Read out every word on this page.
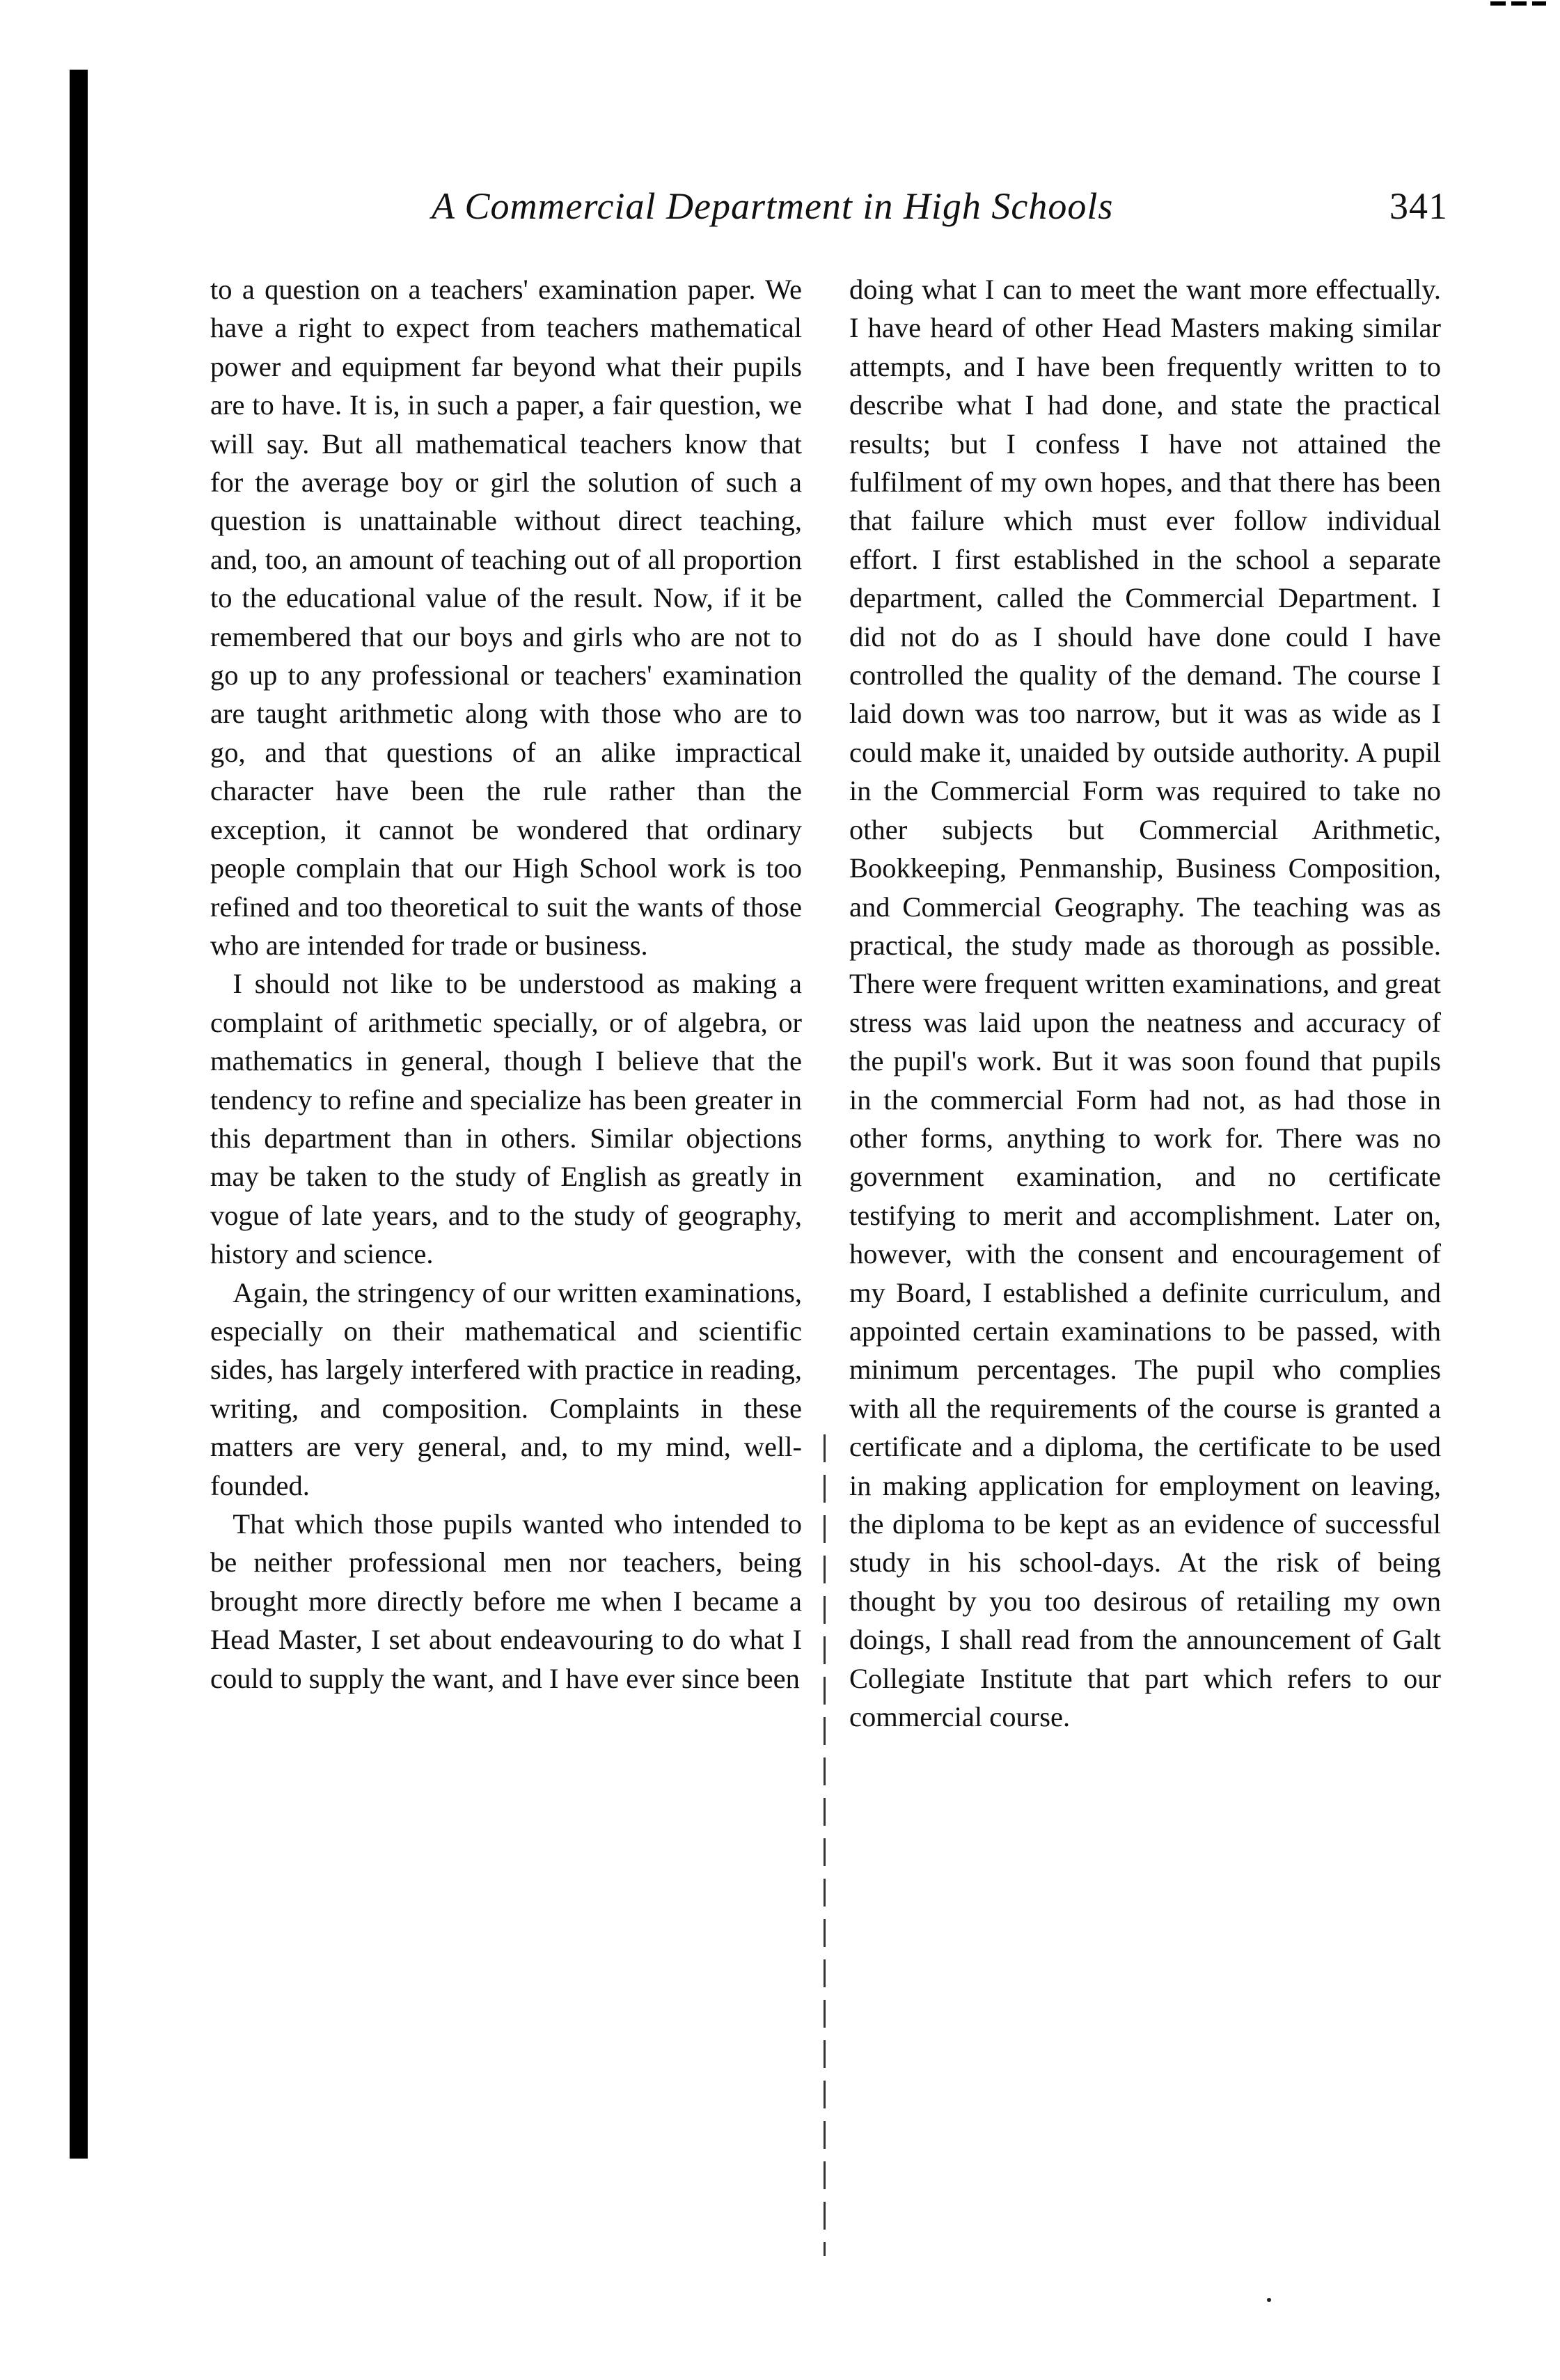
A Commercial Department in High Schools	341

to a question on a teachers' examination paper. We have a right to expect from teachers mathematical power and equipment far beyond what their pupils are to have. It is, in such a paper, a fair question, we will say. But all mathematical teachers know that for the average boy or girl the solution of such a question is unattainable without direct teaching, and, too, an amount of teaching out of all proportion to the educational value of the result. Now, if it be remembered that our boys and girls who are not to go up to any professional or teachers' examination are taught arithmetic along with those who are to go, and that questions of an alike impractical character have been the rule rather than the exception, it cannot be wondered that ordinary people complain that our High School work is too refined and too theoretical to suit the wants of those who are intended for trade or business.

I should not like to be understood as making a complaint of arithmetic specially, or of algebra, or mathematics in general, though I believe that the tendency to refine and specialize has been greater in this department than in others. Similar objections may be taken to the study of English as greatly in vogue of late years, and to the study of geography, history and science.

Again, the stringency of our written examinations, especially on their mathematical and scientific sides, has largely interfered with practice in reading, writing, and composition. Complaints in these matters are very general, and, to my mind, well-founded.

That which those pupils wanted who intended to be neither professional men nor teachers, being brought more directly before me when I became a Head Master, I set about endeavouring to do what I could to supply the want, and I have ever since been

doing what I can to meet the want more effectually. I have heard of other Head Masters making similar attempts, and I have been frequently written to to describe what I had done, and state the practical results; but I confess I have not attained the fulfilment of my own hopes, and that there has been that failure which must ever follow individual effort. I first established in the school a separate department, called the Commercial Department. I did not do as I should have done could I have controlled the quality of the demand. The course I laid down was too narrow, but it was as wide as I could make it, unaided by outside authority. A pupil in the Commercial Form was required to take no other subjects but Commercial Arithmetic, Bookkeeping, Penmanship, Business Composition, and Commercial Geography. The teaching was as practical, the study made as thorough as possible. There were frequent written examinations, and great stress was laid upon the neatness and accuracy of the pupil's work. But it was soon found that pupils in the commercial Form had not, as had those in other forms, anything to work for. There was no government examination, and no certificate testifying to merit and accomplishment. Later on, however, with the consent and encouragement of my Board, I established a definite curriculum, and appointed certain examinations to be passed, with minimum percentages. The pupil who complies with all the requirements of the course is granted a certificate and a diploma, the certificate to be used in making application for employment on leaving, the diploma to be kept as an evidence of successful study in his school-days. At the risk of being thought by you too desirous of retailing my own doings, I shall read from the announcement of Galt Collegiate Institute that part which refers to our commercial course.
